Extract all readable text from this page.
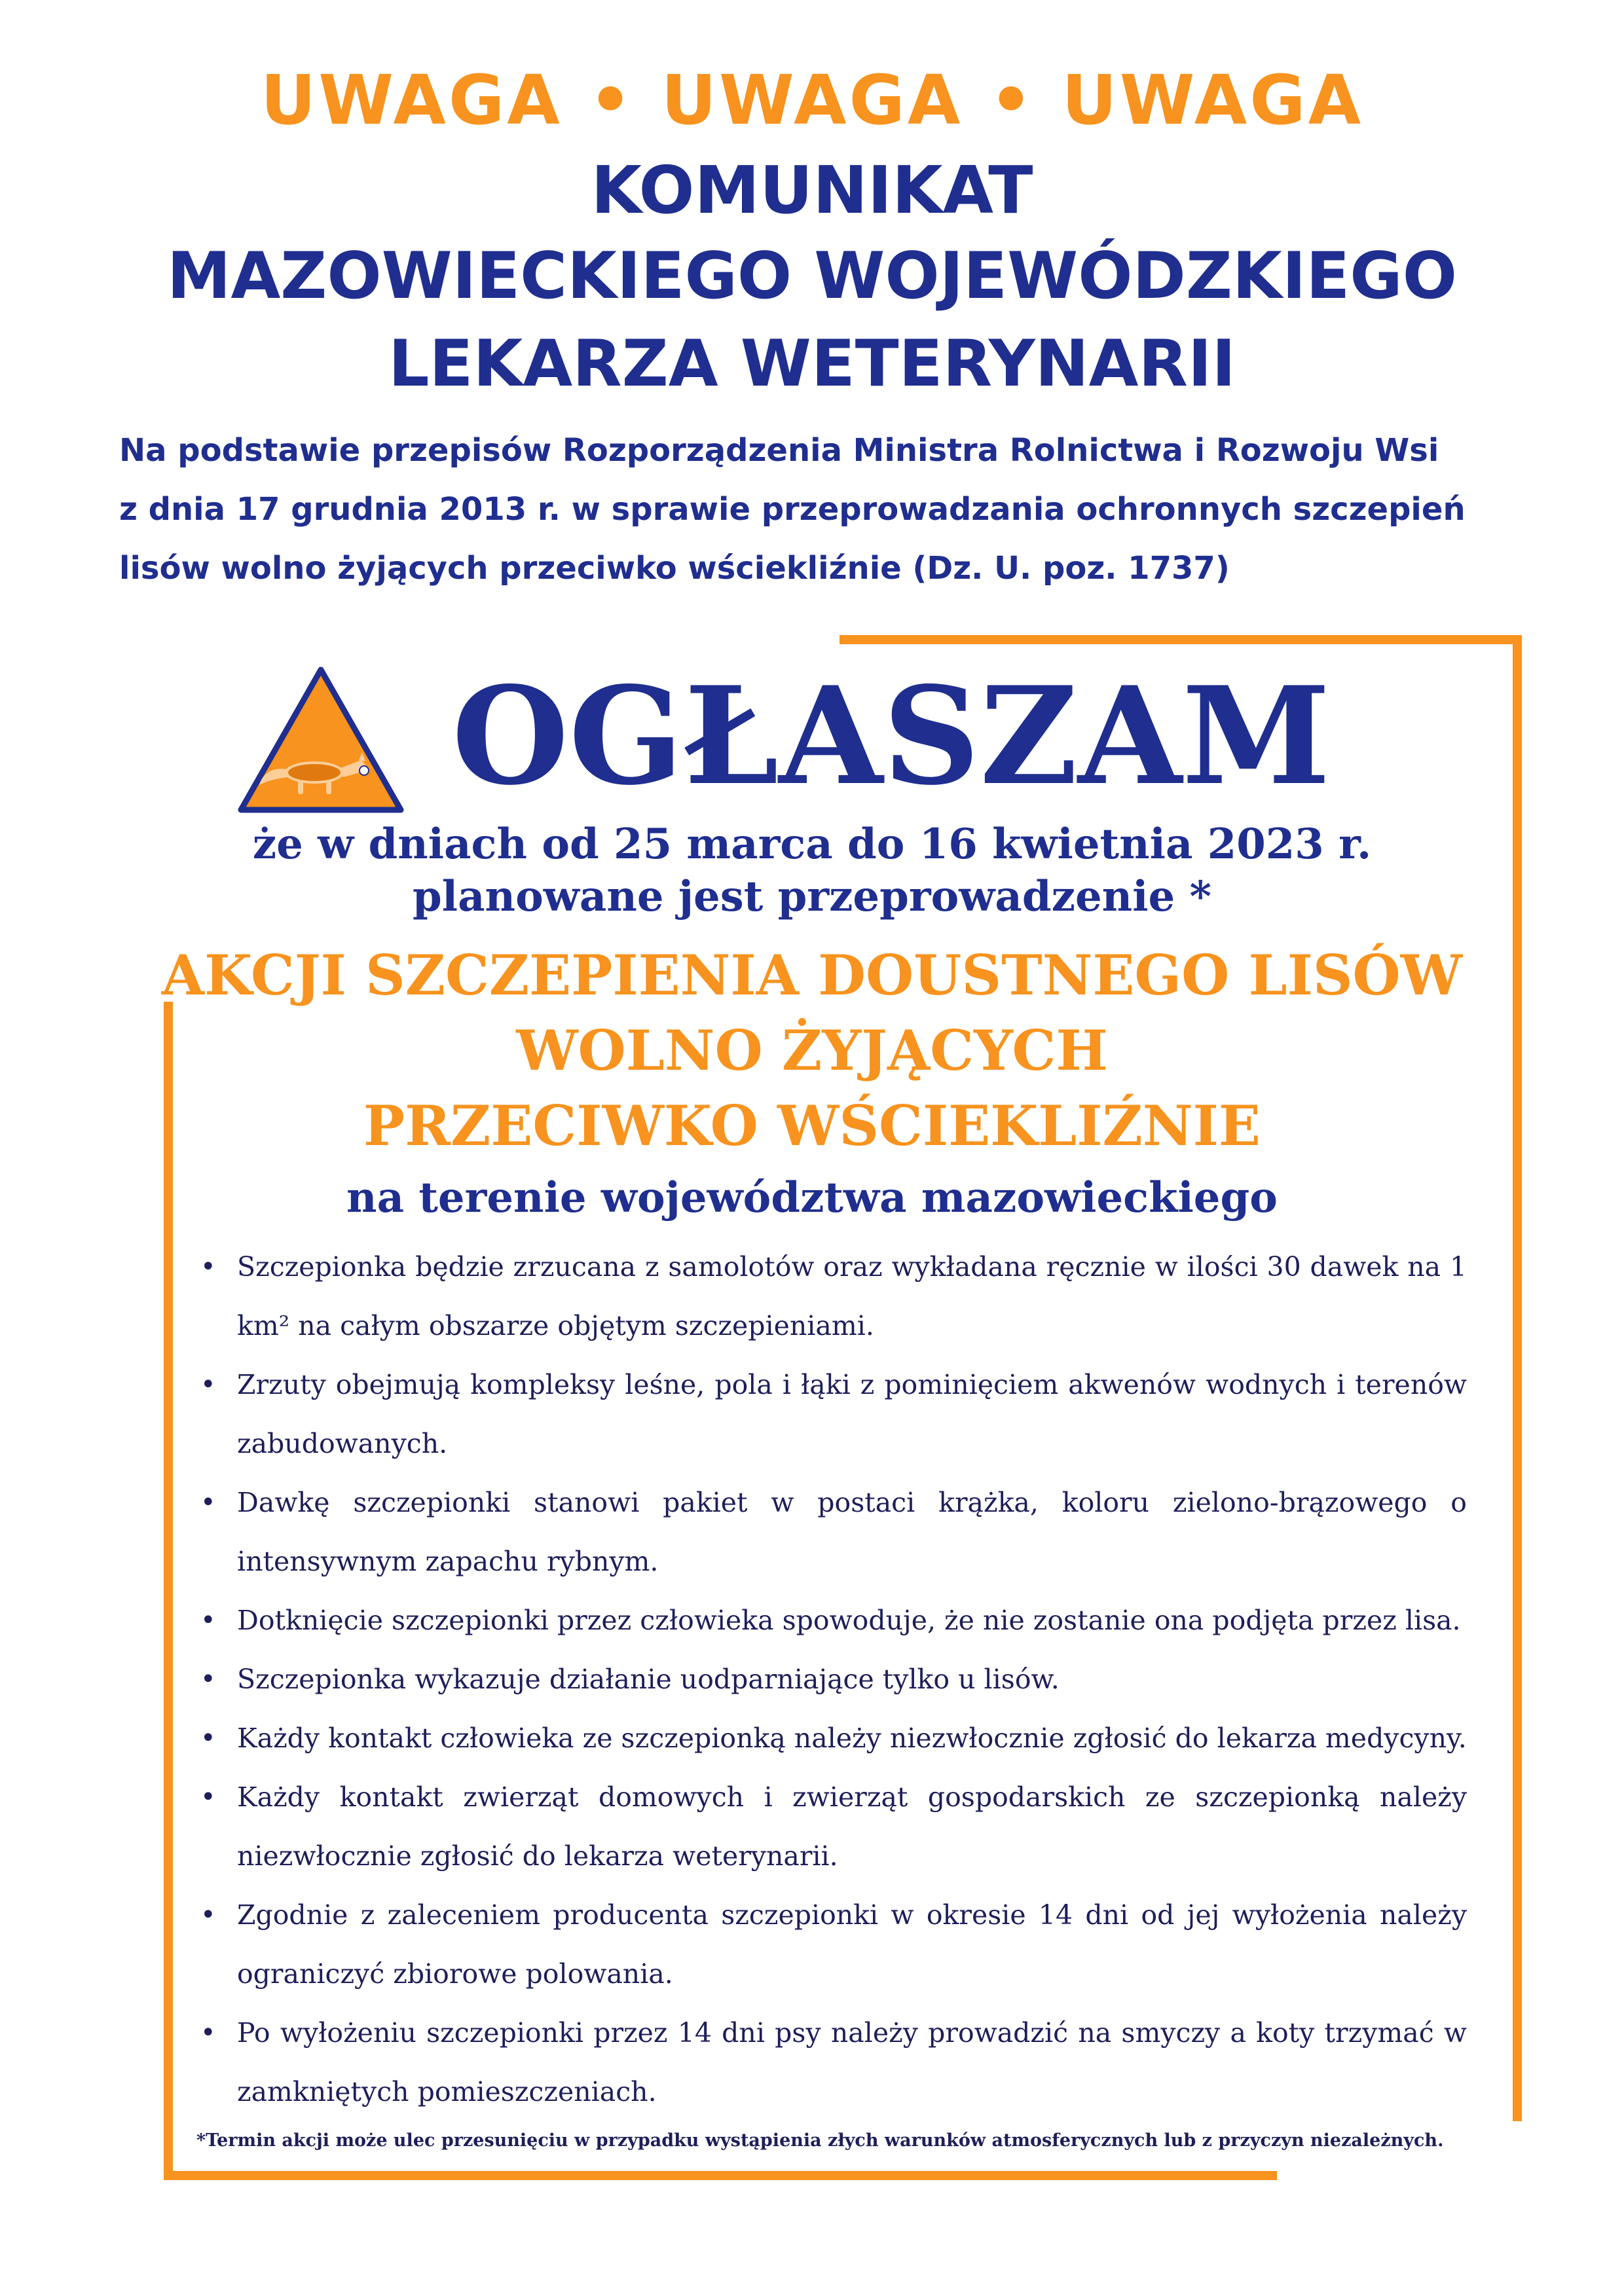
UWAGA • UWAGA • UWAGA
KOMUNIKAT
MAZOWIECKIEGO WOJEWÓDZKIEGO
LEKARZA WETERYNARII

Na podstawie przepisów Rozporządzenia Ministra Rolnictwa i Rozwoju Wsi

z dnia 17 grudnia 2013 r. w sprawie przeprowadzania ochronnych szczepień

lisów wolno żyjących przeciwko wściekliźnie (Dz. U. poz. 1737)

OGŁASZAM

że w dniach od 25 marca do 16 kwietnia 2023 r.

planowane jest przeprowadzenie *

AKCJI SZCZEPIENIA DOUSTNEGO LISÓW
WOLNO ŻYJĄCYCH
PRZECIWKO WŚCIEKLIŹNIE

na terenie województwa mazowieckiego

• Szczepionka będzie zrzucana z samolotów oraz wykładana ręcznie w ilości 30 dawek na 1 km² na całym obszarze objętym szczepieniami.
• Zrzuty obejmują kompleksy leśne, pola i łąki z pominięciem akwenów wodnych i terenów zabudowanych.
• Dawkę szczepionki stanowi pakiet w postaci krążka, koloru zielono-brązowego o intensywnym zapachu rybnym.
• Dotknięcie szczepionki przez człowieka spowoduje, że nie zostanie ona podjęta przez lisa.
• Szczepionka wykazuje działanie uodparniające tylko u lisów.
• Każdy kontakt człowieka ze szczepionką należy niezwłocznie zgłosić do lekarza medycyny.
• Każdy kontakt zwierząt domowych i zwierząt gospodarskich ze szczepionką należy niezwłocznie zgłosić do lekarza weterynarii.
• Zgodnie z zaleceniem producenta szczepionki w okresie 14 dni od jej wyłożenia należy ograniczyć zbiorowe polowania.
• Po wyłożeniu szczepionki przez 14 dni psy należy prowadzić na smyczy a koty trzymać w zamkniętych pomieszczeniach.

*Termin akcji może ulec przesunięciu w przypadku wystąpienia złych warunków atmosferycznych lub z przyczyn niezależnych.
